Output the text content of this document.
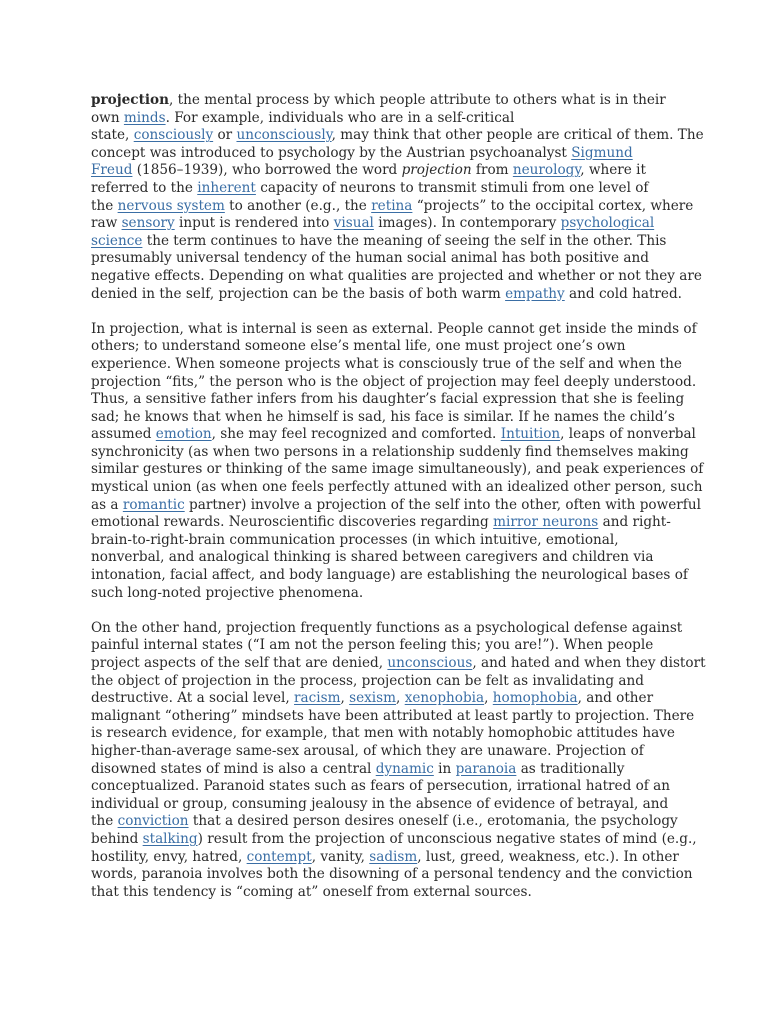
projection, the mental process by which people attribute to others what is in their
own minds. For example, individuals who are in a self-critical
state, consciously or unconsciously, may think that other people are critical of them. The
concept was introduced to psychology by the Austrian psychoanalyst Sigmund
Freud (1856–1939), who borrowed the word projection from neurology, where it
referred to the inherent capacity of neurons to transmit stimuli from one level of
the nervous system to another (e.g., the retina “projects” to the occipital cortex, where
raw sensory input is rendered into visual images). In contemporary psychological
science the term continues to have the meaning of seeing the self in the other. This
presumably universal tendency of the human social animal has both positive and
negative effects. Depending on what qualities are projected and whether or not they are
denied in the self, projection can be the basis of both warm empathy and cold hatred.
In projection, what is internal is seen as external. People cannot get inside the minds of
others; to understand someone else’s mental life, one must project one’s own
experience. When someone projects what is consciously true of the self and when the
projection “fits,” the person who is the object of projection may feel deeply understood.
Thus, a sensitive father infers from his daughter’s facial expression that she is feeling
sad; he knows that when he himself is sad, his face is similar. If he names the child’s
assumed emotion, she may feel recognized and comforted. Intuition, leaps of nonverbal
synchronicity (as when two persons in a relationship suddenly find themselves making
similar gestures or thinking of the same image simultaneously), and peak experiences of
mystical union (as when one feels perfectly attuned with an idealized other person, such
as a romantic partner) involve a projection of the self into the other, often with powerful
emotional rewards. Neuroscientific discoveries regarding mirror neurons and right-
brain-to-right-brain communication processes (in which intuitive, emotional,
nonverbal, and analogical thinking is shared between caregivers and children via
intonation, facial affect, and body language) are establishing the neurological bases of
such long-noted projective phenomena.
On the other hand, projection frequently functions as a psychological defense against
painful internal states (“I am not the person feeling this; you are!”). When people
project aspects of the self that are denied, unconscious, and hated and when they distort
the object of projection in the process, projection can be felt as invalidating and
destructive. At a social level, racism, sexism, xenophobia, homophobia, and other
malignant “othering” mindsets have been attributed at least partly to projection. There
is research evidence, for example, that men with notably homophobic attitudes have
higher-than-average same-sex arousal, of which they are unaware. Projection of
disowned states of mind is also a central dynamic in paranoia as traditionally
conceptualized. Paranoid states such as fears of persecution, irrational hatred of an
individual or group, consuming jealousy in the absence of evidence of betrayal, and
the conviction that a desired person desires oneself (i.e., erotomania, the psychology
behind stalking) result from the projection of unconscious negative states of mind (e.g.,
hostility, envy, hatred, contempt, vanity, sadism, lust, greed, weakness, etc.). In other
words, paranoia involves both the disowning of a personal tendency and the conviction
that this tendency is “coming at” oneself from external sources.
